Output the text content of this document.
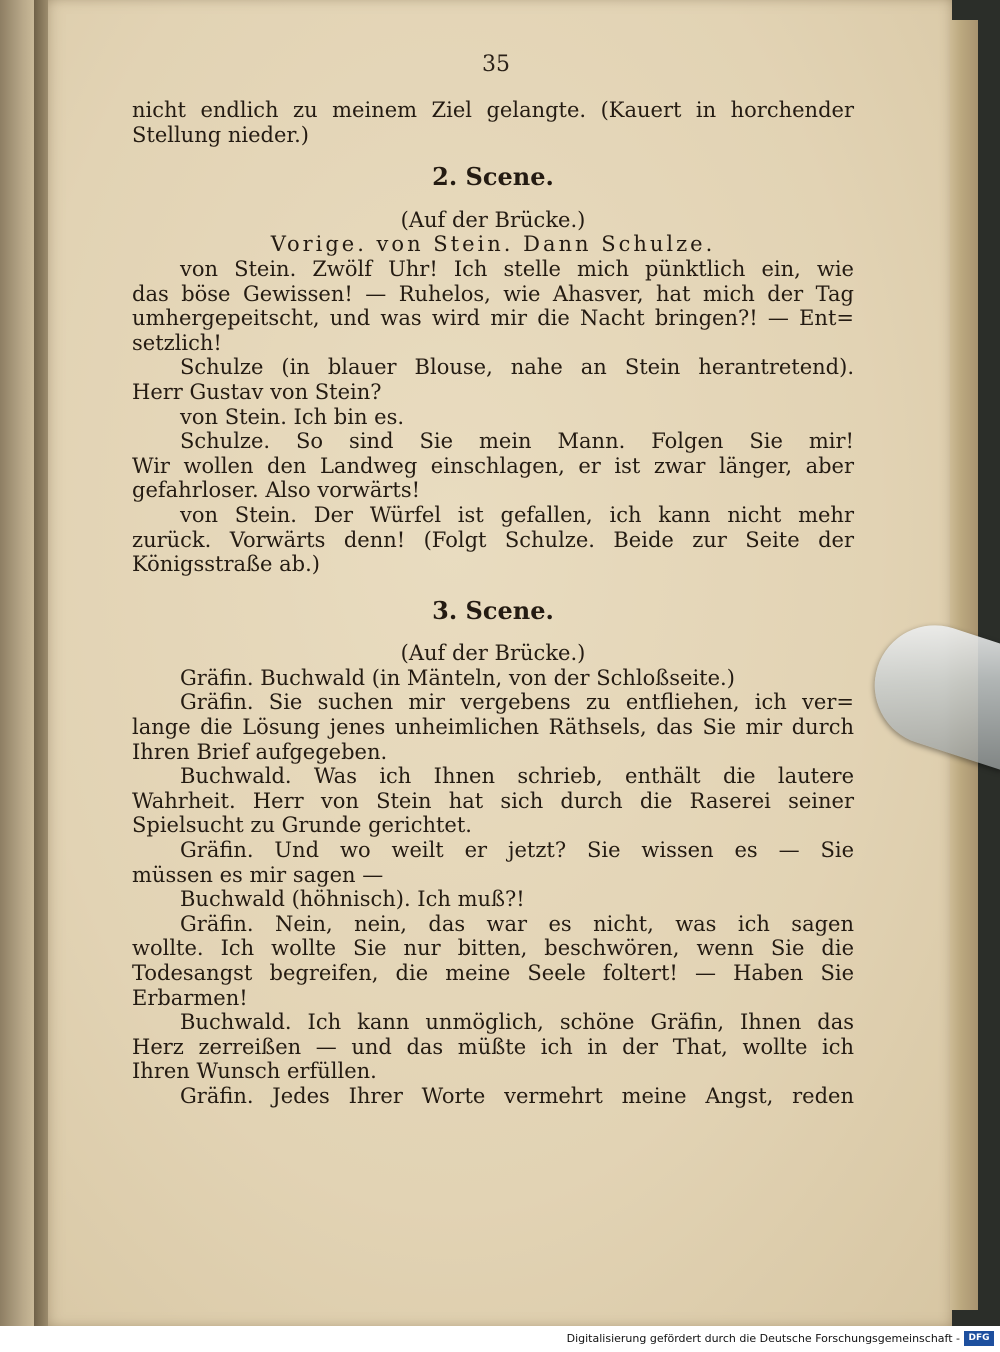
35
nicht endlich zu meinem Ziel gelangte. (Kauert in horchender
Stellung nieder.)
2. Scene.
(Auf der Brücke.)
Vorige. von Stein. Dann Schulze.
von Stein. Zwölf Uhr! Ich stelle mich pünktlich ein, wie
das böse Gewissen! — Ruhelos, wie Ahasver, hat mich der Tag
umhergepeitscht, und was wird mir die Nacht bringen?! — Ent=
setzlich!
Schulze (in blauer Blouse, nahe an Stein herantretend).
Herr Gustav von Stein?
von Stein. Ich bin es.
Schulze. So sind Sie mein Mann. Folgen Sie mir!
Wir wollen den Landweg einschlagen, er ist zwar länger, aber
gefahrloser. Also vorwärts!
von Stein. Der Würfel ist gefallen, ich kann nicht mehr
zurück. Vorwärts denn! (Folgt Schulze. Beide zur Seite der
Königsstraße ab.)
3. Scene.
(Auf der Brücke.)
Gräfin. Buchwald (in Mänteln, von der Schloßseite.)
Gräfin. Sie suchen mir vergebens zu entfliehen, ich ver=
lange die Lösung jenes unheimlichen Räthsels, das Sie mir durch
Ihren Brief aufgegeben.
Buchwald. Was ich Ihnen schrieb, enthält die lautere
Wahrheit. Herr von Stein hat sich durch die Raserei seiner
Spielsucht zu Grunde gerichtet.
Gräfin. Und wo weilt er jetzt? Sie wissen es — Sie
müssen es mir sagen —
Buchwald (höhnisch). Ich muß?!
Gräfin. Nein, nein, das war es nicht, was ich sagen
wollte. Ich wollte Sie nur bitten, beschwören, wenn Sie die
Todesangst begreifen, die meine Seele foltert! — Haben Sie
Erbarmen!
Buchwald. Ich kann unmöglich, schöne Gräfin, Ihnen das
Herz zerreißen — und das müßte ich in der That, wollte ich
Ihren Wunsch erfüllen.
Gräfin. Jedes Ihrer Worte vermehrt meine Angst, reden
Digitalisierung gefördert durch die Deutsche Forschungsgemeinschaft - DFG
